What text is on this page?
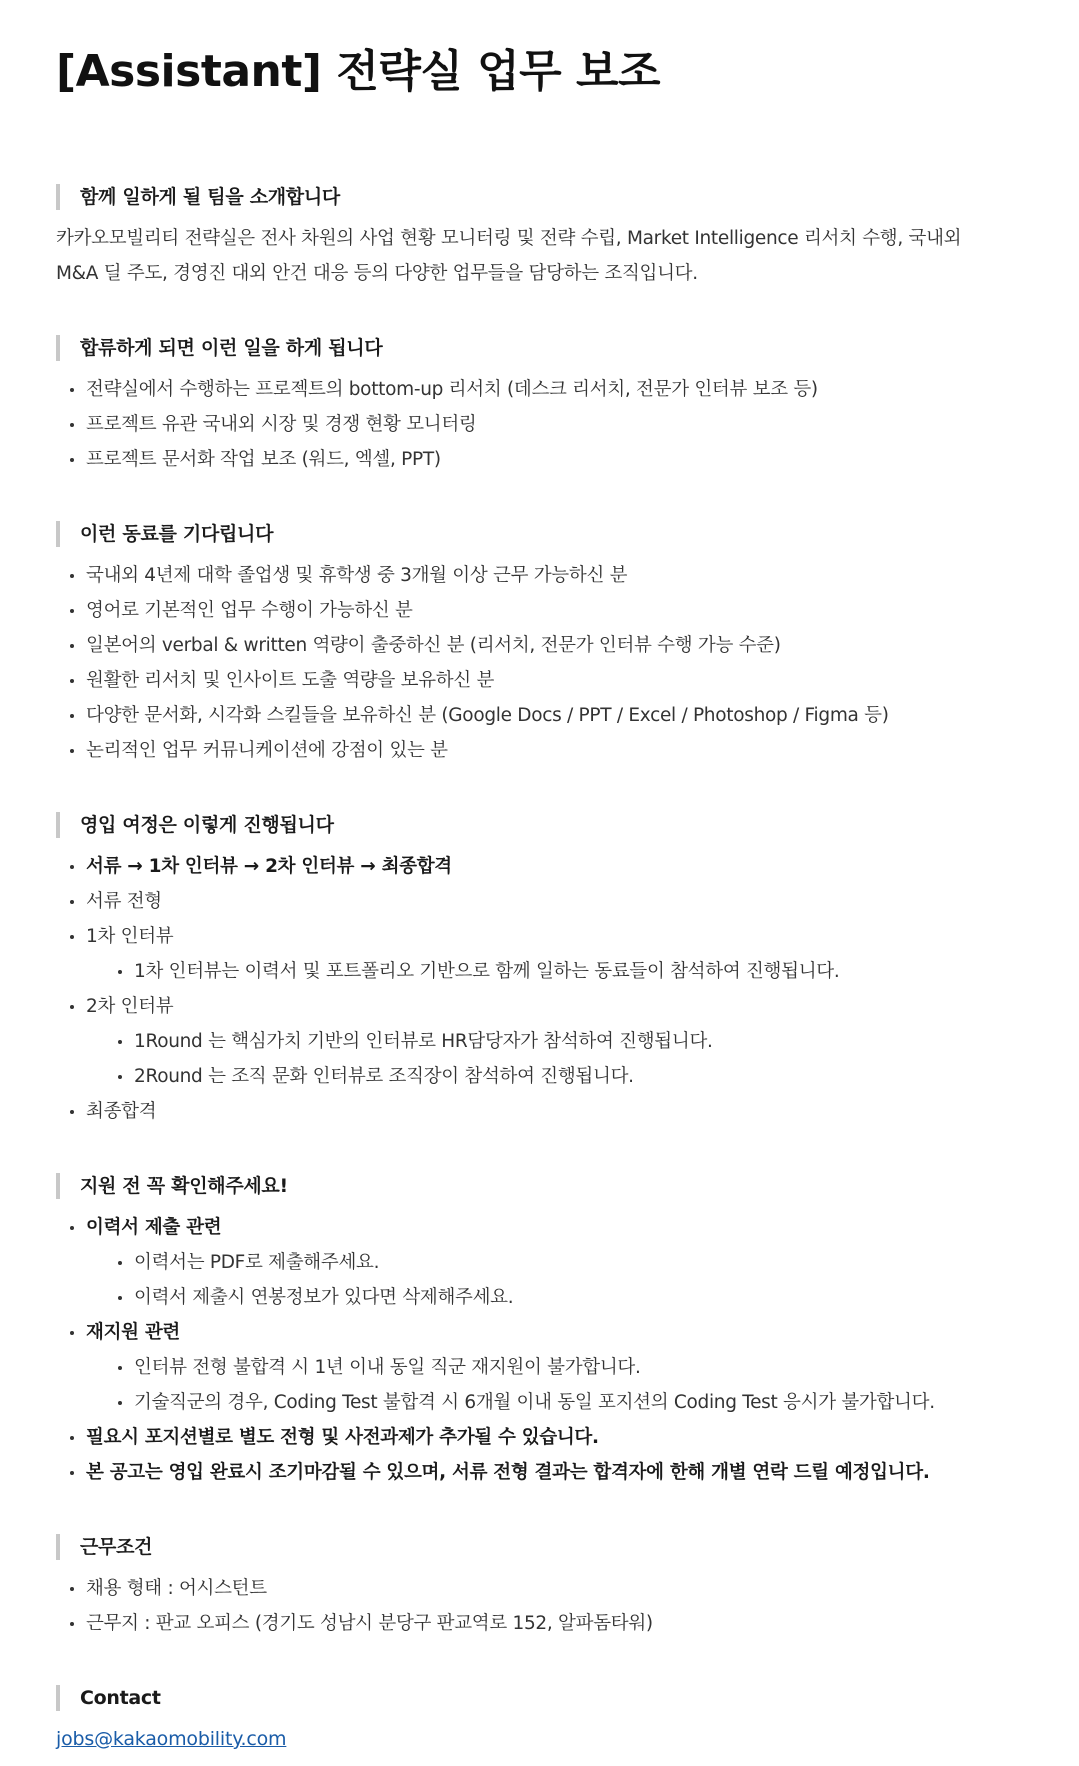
[Assistant] 전략실 업무 보조
함께 일하게 될 팀을 소개합니다

카카오모빌리티 전략실은 전사 차원의 사업 현황 모니터링 및 전략 수립, Market Intelligence 리서치 수행, 국내외 M&A 딜 주도, 경영진 대외 안건 대응 등의 다양한 업무들을 담당하는 조직입니다.

합류하게 되면 이런 일을 하게 됩니다
전략실에서 수행하는 프로젝트의 bottom-up 리서치 (데스크 리서치, 전문가 인터뷰 보조 등)
프로젝트 유관 국내외 시장 및 경쟁 현황 모니터링
프로젝트 문서화 작업 보조 (워드, 엑셀, PPT)
이런 동료를 기다립니다
국내외 4년제 대학 졸업생 및 휴학생 중 3개월 이상 근무 가능하신 분
영어로 기본적인 업무 수행이 가능하신 분
일본어의 verbal & written 역량이 출중하신 분 (리서치, 전문가 인터뷰 수행 가능 수준)
원활한 리서치 및 인사이트 도출 역량을 보유하신 분
다양한 문서화, 시각화 스킬들을 보유하신 분 (Google Docs / PPT / Excel / Photoshop / Figma 등)
논리적인 업무 커뮤니케이션에 강점이 있는 분
영입 여정은 이렇게 진행됩니다
서류 → 1차 인터뷰 → 2차 인터뷰 → 최종합격
서류 전형
1차 인터뷰
1차 인터뷰는 이력서 및 포트폴리오 기반으로 함께 일하는 동료들이 참석하여 진행됩니다.
2차 인터뷰
1Round 는 핵심가치 기반의 인터뷰로 HR담당자가 참석하여 진행됩니다.
2Round 는 조직 문화 인터뷰로 조직장이 참석하여 진행됩니다.
최종합격
지원 전 꼭 확인해주세요!
이력서 제출 관련
이력서는 PDF로 제출해주세요.
이력서 제출시 연봉정보가 있다면 삭제해주세요.
재지원 관련
인터뷰 전형 불합격 시 1년 이내 동일 직군 재지원이 불가합니다.
기술직군의 경우, Coding Test 불합격 시 6개월 이내 동일 포지션의 Coding Test 응시가 불가합니다.
필요시 포지션별로 별도 전형 및 사전과제가 추가될 수 있습니다.
본 공고는 영입 완료시 조기마감될 수 있으며, 서류 전형 결과는 합격자에 한해 개별 연락 드릴 예정입니다.
근무조건
채용 형태 : 어시스턴트
근무지 : 판교 오피스 (경기도 성남시 분당구 판교역로 152, 알파돔타워)
Contact
jobs@kakaomobility.com
